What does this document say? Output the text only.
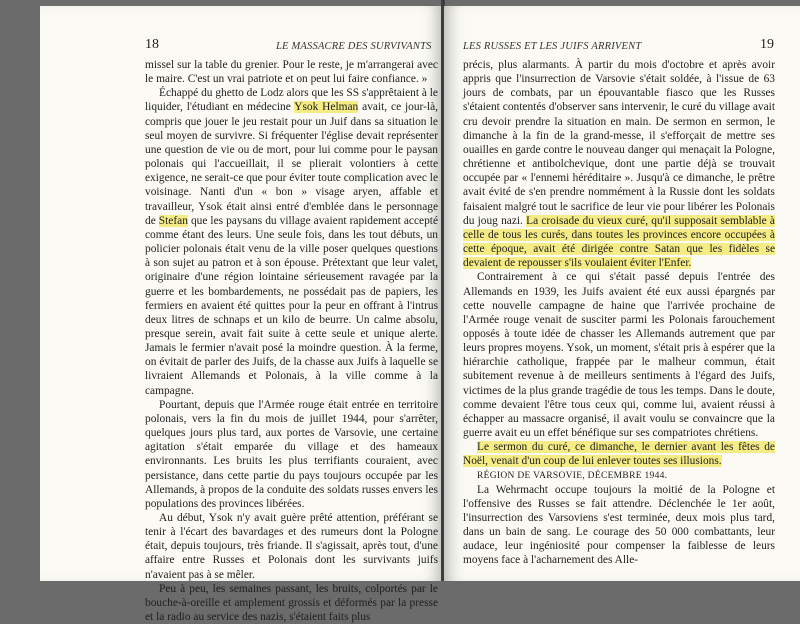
18	LE MASSACRE DES SURVIVANTS

missel sur la table du grenier. Pour le reste, je m'arrangerai avec le maire. C'est un vrai patriote et on peut lui faire confiance. »

Échappé du ghetto de Lodz alors que les SS s'apprêtaient à le liquider, l'étudiant en médecine Ysok Helman avait, ce jour-là, compris que jouer le jeu restait pour un Juif dans sa situation le seul moyen de survivre. Si fréquenter l'église devait représenter une question de vie ou de mort, pour lui comme pour le paysan polonais qui l'accueillait, il se plierait volontiers à cette exigence, ne serait-ce que pour éviter toute complication avec le voisinage. Nanti d'un « bon » visage aryen, affable et travailleur, Ysok était ainsi entré d'emblée dans le personnage de Stefan que les paysans du village avaient rapidement accepté comme étant des leurs. Une seule fois, dans les tout débuts, un policier polonais était venu de la ville poser quelques questions à son sujet au patron et à son épouse. Prétextant que leur valet, originaire d'une région lointaine sérieusement ravagée par la guerre et les bombardements, ne possédait pas de papiers, les fermiers en avaient été quittes pour la peur en offrant à l'intrus deux litres de schnaps et un kilo de beurre. Un calme absolu, presque serein, avait fait suite à cette seule et unique alerte. Jamais le fermier n'avait posé la moindre question. À la ferme, on évitait de parler des Juifs, de la chasse aux Juifs à laquelle se livraient Allemands et Polonais, à la ville comme à la campagne.

Pourtant, depuis que l'Armée rouge était entrée en territoire polonais, vers la fin du mois de juillet 1944, pour s'arrêter, quelques jours plus tard, aux portes de Varsovie, une certaine agitation s'était emparée du village et des hameaux environnants. Les bruits les plus terrifiants couraient, avec persistance, dans cette partie du pays toujours occupée par les Allemands, à propos de la conduite des soldats russes envers les populations des provinces libérées.

Au début, Ysok n'y avait guère prêté attention, préférant se tenir à l'écart des bavardages et des rumeurs dont la Pologne était, depuis toujours, très friande. Il s'agissait, après tout, d'une affaire entre Russes et Polonais dont les survivants juifs n'avaient pas à se mêler.

Peu à peu, les semaines passant, les bruits, colportés par le bouche-à-oreille et amplement grossis et déformés par la presse et la radio au service des nazis, s'étaient faits plus

LES RUSSES ET LES JUIFS ARRIVENT	19

précis, plus alarmants. À partir du mois d'octobre et après avoir appris que l'insurrection de Varsovie s'était soldée, à l'issue de 63 jours de combats, par un épouvantable fiasco que les Russes s'étaient contentés d'observer sans intervenir, le curé du village avait cru devoir prendre la situation en main. De sermon en sermon, le dimanche à la fin de la grand-messe, il s'efforçait de mettre ses ouailles en garde contre le nouveau danger qui menaçait la Pologne, chrétienne et antibolchevique, dont une partie déjà se trouvait occupée par « l'ennemi héréditaire ». Jusqu'à ce dimanche, le prêtre avait évité de s'en prendre nommément à la Russie dont les soldats faisaient malgré tout le sacrifice de leur vie pour libérer les Polonais du joug nazi. La croisade du vieux curé, qu'il supposait semblable à celle de tous les curés, dans toutes les provinces encore occupées à cette époque, avait été dirigée contre Satan que les fidèles se devaient de repousser s'ils voulaient éviter l'Enfer.

Contrairement à ce qui s'était passé depuis l'entrée des Allemands en 1939, les Juifs avaient été eux aussi épargnés par cette nouvelle campagne de haine que l'arrivée prochaine de l'Armée rouge venait de susciter parmi les Polonais farouchement opposés à toute idée de chasser les Allemands autrement que par leurs propres moyens. Ysok, un moment, s'était pris à espérer que la hiérarchie catholique, frappée par le malheur commun, était subitement revenue à de meilleurs sentiments à l'égard des Juifs, victimes de la plus grande tragédie de tous les temps. Dans le doute, comme devaient l'être tous ceux qui, comme lui, avaient réussi à échapper au massacre organisé, il avait voulu se convaincre que la guerre avait eu un effet bénéfique sur ses compatriotes chrétiens.

Le sermon du curé, ce dimanche, le dernier avant les fêtes de Noël, venait d'un coup de lui enlever toutes ses illusions.

RÉGION DE VARSOVIE, DÉCEMBRE 1944.

La Wehrmacht occupe toujours la moitié de la Pologne et l'offensive des Russes se fait attendre. Déclenchée le 1er août, l'insurrection des Varsoviens s'est terminée, deux mois plus tard, dans un bain de sang. Le courage des 50 000 combattants, leur audace, leur ingéniosité pour compenser la faiblesse de leurs moyens face à l'acharnement des Alle-
